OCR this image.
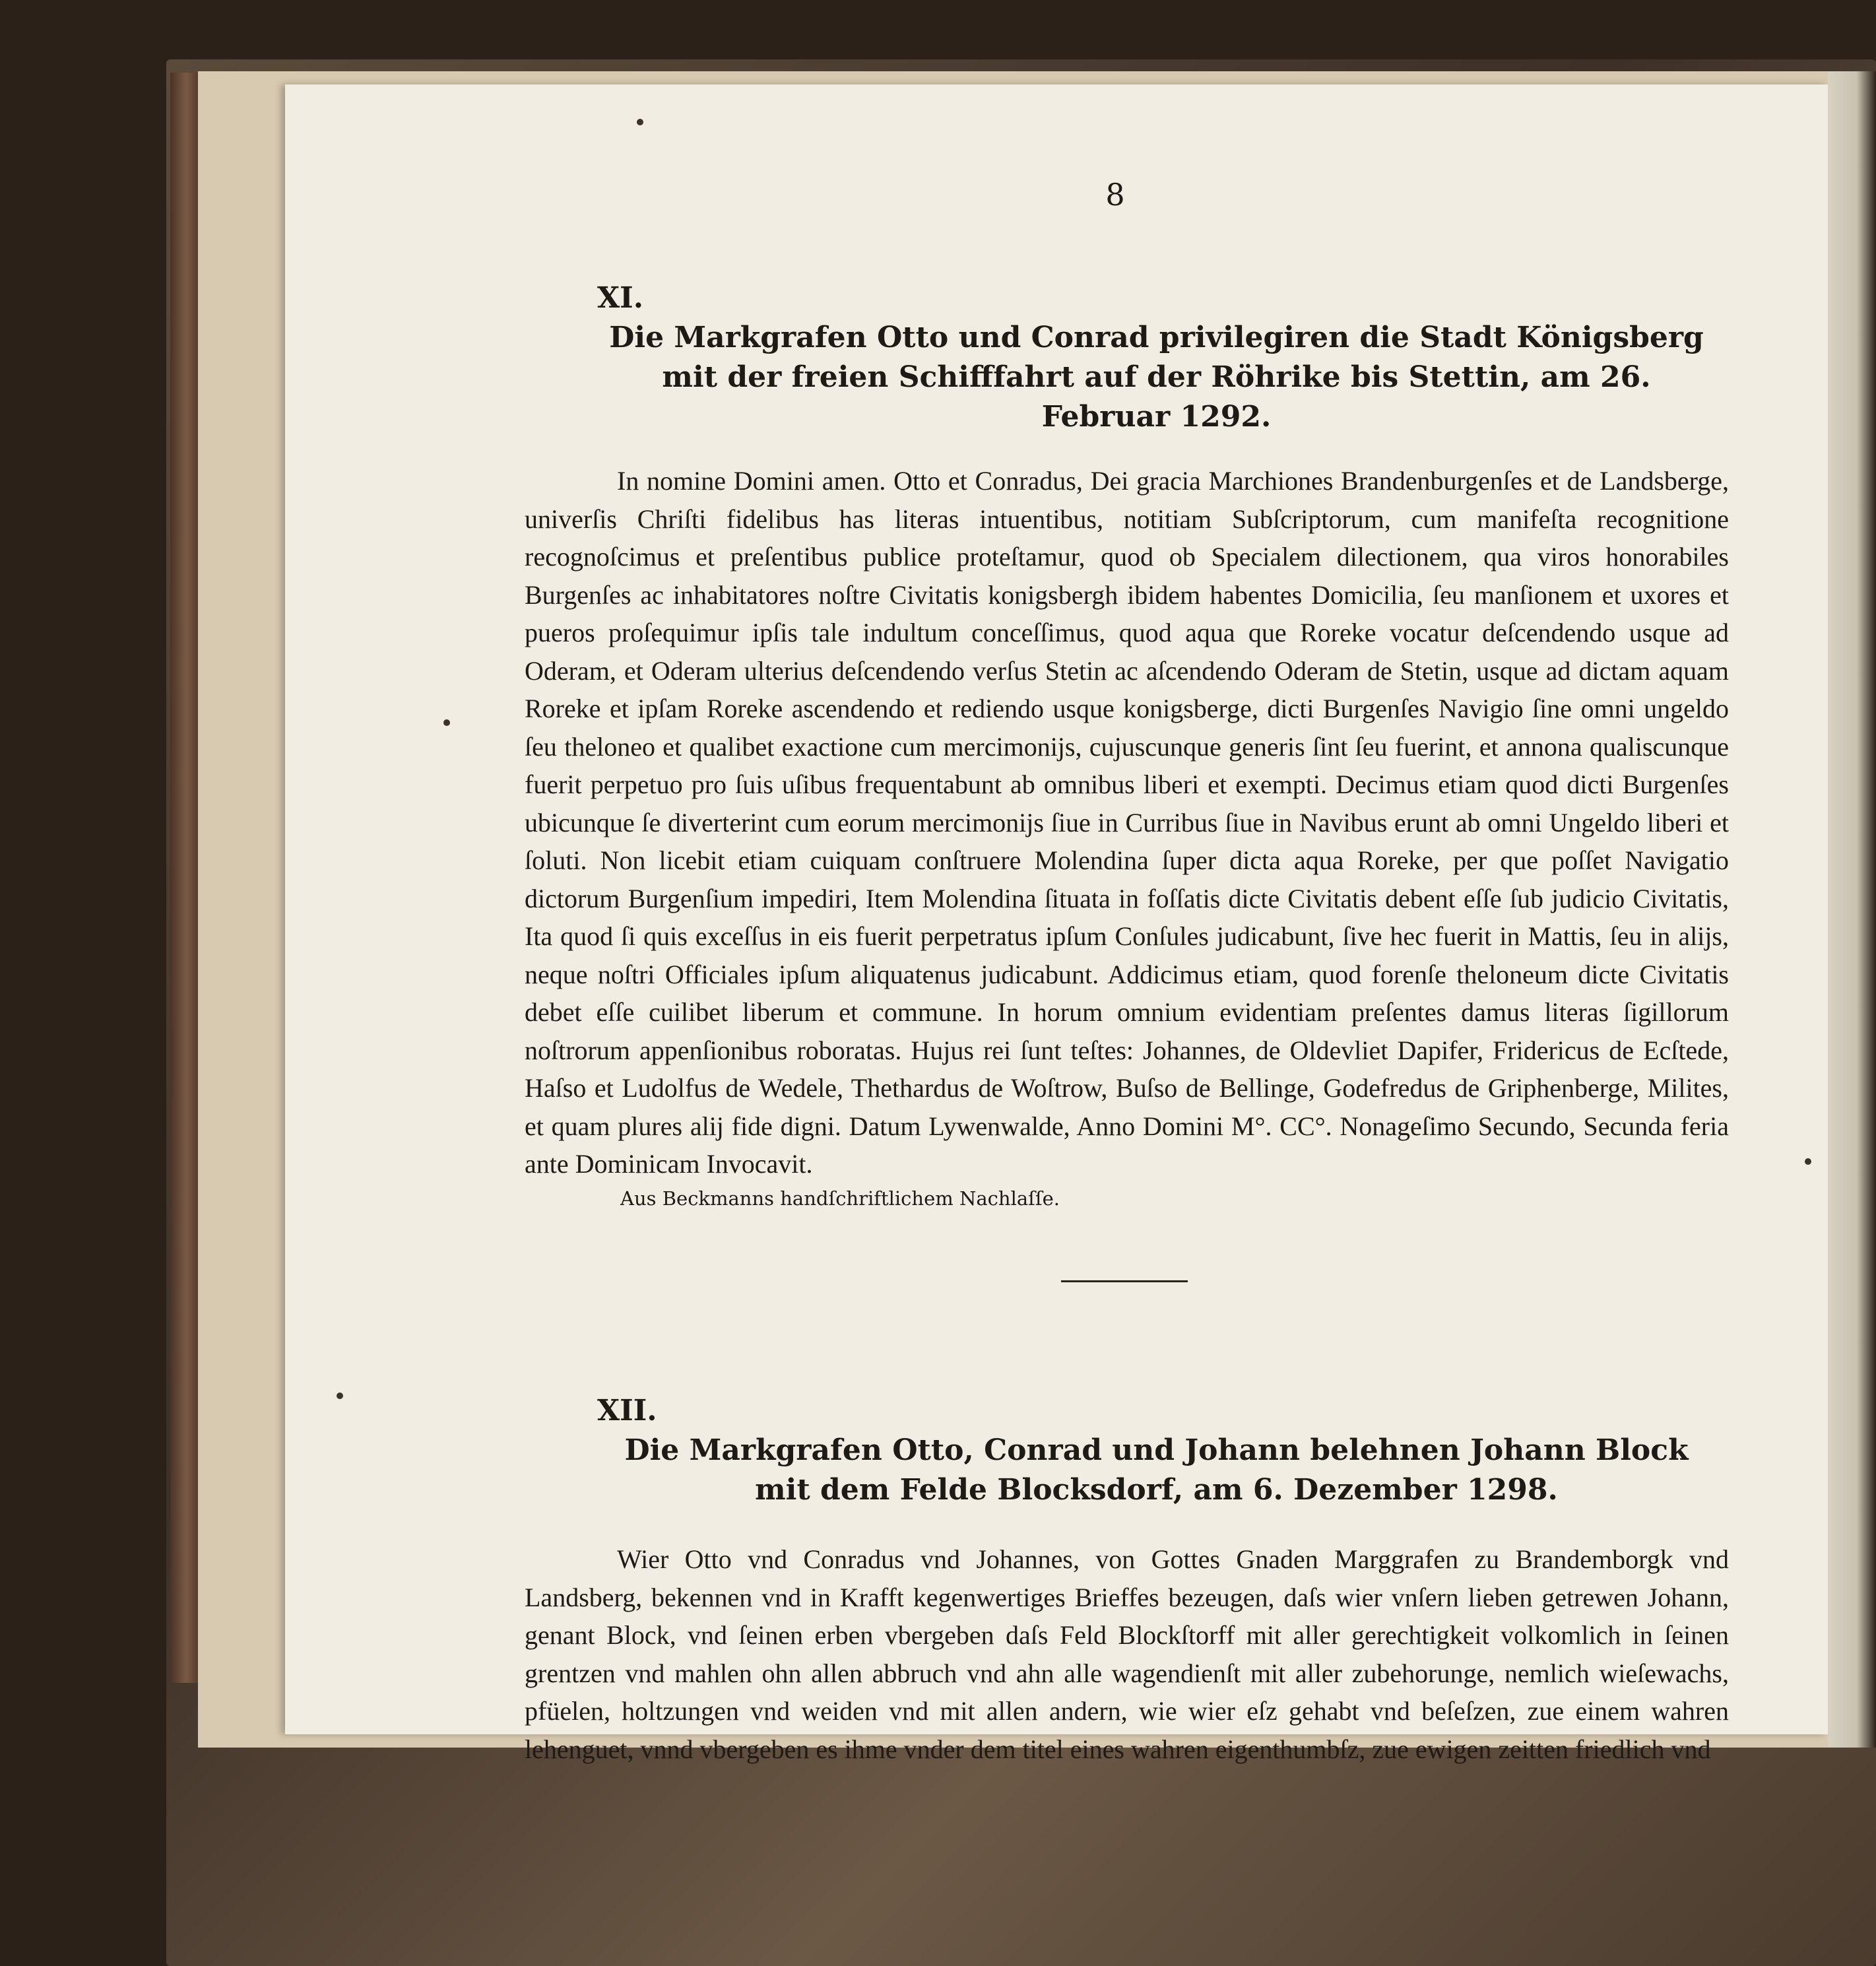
8
XI.

Die Markgrafen Otto und Conrad privilegiren die Stadt Königsberg mit der freien Schifffahrt auf der Röhrike bis Stettin, am 26. Februar 1292.

In nomine Domini amen. Otto et Conradus, Dei gracia Marchiones Brandenburgenſes et de Landsberge, univerſis Chriſti fidelibus has literas intuentibus, notitiam Subſcriptorum, cum manifeſta recognitione recognoſcimus et preſentibus publice proteſtamur, quod ob Specialem dilectionem, qua viros honorabiles Burgenſes ac inhabitatores noſtre Civitatis konigsbergh ibidem habentes Domicilia, ſeu manſionem et uxores et pueros proſequimur ipſis tale indultum conceſſimus, quod aqua que Roreke vocatur deſcendendo usque ad Oderam, et Oderam ulterius deſcendendo verſus Stetin ac aſcendendo Oderam de Stetin, usque ad dictam aquam Roreke et ipſam Roreke ascendendo et rediendo usque konigsberge, dicti Burgenſes Navigio ſine omni ungeldo ſeu theloneo et qualibet exactione cum mercimonijs, cujuscunque generis ſint ſeu fuerint, et annona qualiscunque fuerit perpetuo pro ſuis uſibus frequentabunt ab omnibus liberi et exempti. Decimus etiam quod dicti Burgenſes ubicunque ſe diverterint cum eorum mercimonijs ſiue in Curribus ſiue in Navibus erunt ab omni Ungeldo liberi et ſoluti. Non licebit etiam cuiquam conſtruere Molendina ſuper dicta aqua Roreke, per que poſſet Navigatio dictorum Burgenſium impediri, Item Molendina ſituata in foſſatis dicte Civitatis debent eſſe ſub judicio Civitatis, Ita quod ſi quis exceſſus in eis fuerit perpetratus ipſum Conſules judicabunt, ſive hec fuerit in Mattis, ſeu in alijs, neque noſtri Officiales ipſum aliquatenus judicabunt. Addicimus etiam, quod forenſe theloneum dicte Civitatis debet eſſe cuilibet liberum et commune. In horum omnium evidentiam preſentes damus literas ſigillorum noſtrorum appenſionibus roboratas. Hujus rei ſunt teſtes: Johannes, de Oldevliet Dapifer, Fridericus de Ecſtede, Haſso et Ludolfus de Wedele, Thethardus de Woſtrow, Buſso de Bellinge, Godefredus de Griphenberge, Milites, et quam plures alij fide digni. Datum Lywenwalde, Anno Domini M°. CC°. Nonageſimo Secundo, Secunda feria ante Dominicam Invocavit.

Aus Beckmanns handſchriftlichem Nachlaſſe.

XII.

Die Markgrafen Otto, Conrad und Johann belehnen Johann Block mit dem Felde Blocksdorf, am 6. Dezember 1298.

Wier Otto vnd Conradus vnd Johannes, von Gottes Gnaden Marggrafen zu Brandemborgk vnd Landsberg, bekennen vnd in Krafft kegenwertiges Brieffes bezeugen, daſs wier vnſern lieben getrewen Johann, genant Block, vnd ſeinen erben vbergeben daſs Feld Blockſtorff mit aller gerechtigkeit volkomlich in ſeinen grentzen vnd mahlen ohn allen abbruch vnd ahn alle wagendienſt mit aller zubehorunge, nemlich wieſewachs, pfüelen, holtzungen vnd weiden vnd mit allen andern, wie wier eſz gehabt vnd beſeſzen, zue einem wahren lehenguet, vnnd vbergeben es ihme vnder dem titel eines wahren eigenthumbſz, zue ewigen zeitten friedlich vnd
